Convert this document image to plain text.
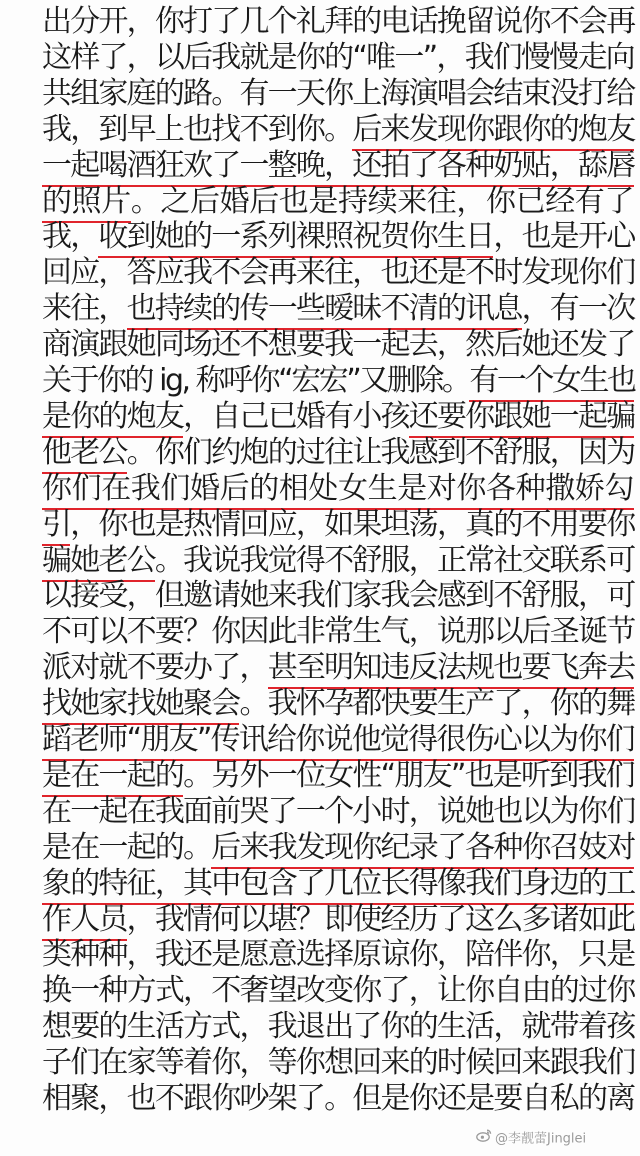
出分开，你打了几个礼拜的电话挽留说你不会再
这样了，以后我就是你的“唯一”，我们慢慢走向
共组家庭的路。有一天你上海演唱会结束没打给
我，到早上也找不到你。后来发现你跟你的炮友
一起喝酒狂欢了一整晚，还拍了各种奶贴，舔唇
的照片。之后婚后也是持续来往，你已经有了
我，收到她的一系列裸照祝贺你生日，也是开心
回应，答应我不会再来往，也还是不时发现你们
来往，也持续的传一些暧昧不清的讯息，有一次
商演跟她同场还不想要我一起去，然后她还发了
关于你的 ig, 称呼你“宏宏”又删除。有一个女生也
是你的炮友，自己已婚有小孩还要你跟她一起骗
他老公。你们约炮的过往让我感到不舒服，因为
你们在我们婚后的相处女生是对你各种撒娇勾
引，你也是热情回应，如果坦荡，真的不用要你
骗她老公。我说我觉得不舒服，正常社交联系可
以接受，但邀请她来我们家我会感到不舒服，可
不可以不要？你因此非常生气，说那以后圣诞节
派对就不要办了，甚至明知违反法规也要飞奔去
找她家找她聚会。我怀孕都快要生产了，你的舞
蹈老师“朋友”传讯给你说他觉得很伤心以为你们
是在一起的。另外一位女性“朋友”也是听到我们
在一起在我面前哭了一个小时，说她也以为你们
是在一起的。后来我发现你纪录了各种你召妓对
象的特征，其中包含了几位长得像我们身边的工
作人员，我情何以堪？即使经历了这么多诸如此
类种种，我还是愿意选择原谅你，陪伴你，只是
换一种方式，不奢望改变你了，让你自由的过你
想要的生活方式，我退出了你的生活，就带着孩
子们在家等着你，等你想回来的时候回来跟我们
相聚，也不跟你吵架了。但是你还是要自私的离
@李靓蕾Jinglei
